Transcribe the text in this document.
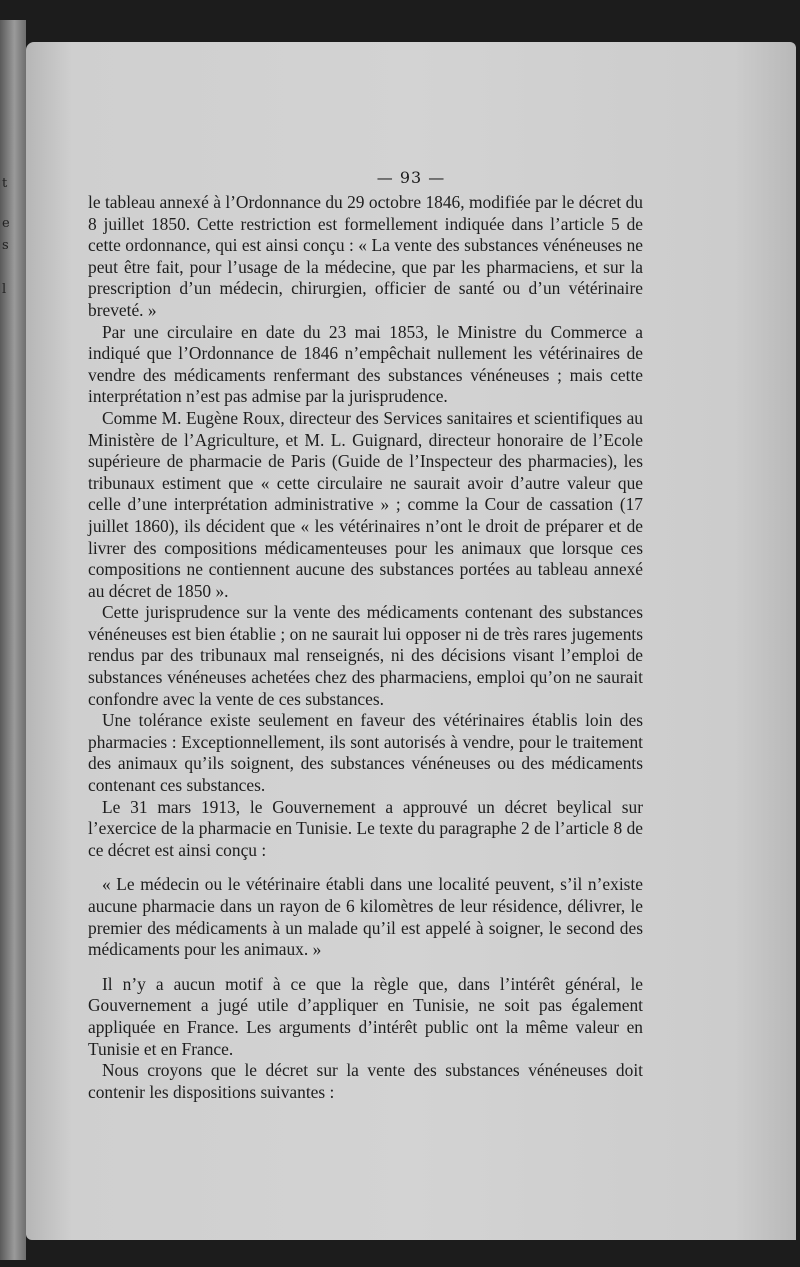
t
e
s
l
— 93 —

le tableau annexé à l’Ordonnance du 29 octobre 1846, modifiée par le décret du 8 juillet 1850. Cette restriction est formellement indiquée dans l’article 5 de cette ordonnance, qui est ainsi conçu : « La vente des substances vénéneuses ne peut être fait, pour l’usage de la médecine, que par les pharmaciens, et sur la prescription d’un médecin, chirurgien, officier de santé ou d’un vétérinaire breveté. »

Par une circulaire en date du 23 mai 1853, le Ministre du Commerce a indiqué que l’Ordonnance de 1846 n’empêchait nullement les vétérinaires de vendre des médicaments renfermant des substances vénéneuses ; mais cette interprétation n’est pas admise par la jurisprudence.

Comme M. Eugène Roux, directeur des Services sanitaires et scientifiques au Ministère de l’Agriculture, et M. L. Guignard, directeur honoraire de l’Ecole supérieure de pharmacie de Paris (Guide de l’Inspecteur des pharmacies), les tribunaux estiment que « cette circulaire ne saurait avoir d’autre valeur que celle d’une interprétation administrative » ; comme la Cour de cassation (17 juillet 1860), ils décident que « les vétérinaires n’ont le droit de préparer et de livrer des compositions médicamenteuses pour les animaux que lorsque ces compositions ne contiennent aucune des substances portées au tableau annexé au décret de 1850 ».

Cette jurisprudence sur la vente des médicaments contenant des substances vénéneuses est bien établie ; on ne saurait lui opposer ni de très rares jugements rendus par des tribunaux mal renseignés, ni des décisions visant l’emploi de substances vénéneuses achetées chez des pharmaciens, emploi qu’on ne saurait confondre avec la vente de ces substances.

Une tolérance existe seulement en faveur des vétérinaires établis loin des pharmacies : Exceptionnellement, ils sont autorisés à vendre, pour le traitement des animaux qu’ils soignent, des substances vénéneuses ou des médicaments contenant ces substances.

Le 31 mars 1913, le Gouvernement a approuvé un décret beylical sur l’exercice de la pharmacie en Tunisie. Le texte du paragraphe 2 de l’article 8 de ce décret est ainsi conçu :

« Le médecin ou le vétérinaire établi dans une localité peuvent, s’il n’existe aucune pharmacie dans un rayon de 6 kilomètres de leur résidence, délivrer, le premier des médicaments à un malade qu’il est appelé à soigner, le second des médicaments pour les animaux. »

Il n’y a aucun motif à ce que la règle que, dans l’intérêt général, le Gouvernement a jugé utile d’appliquer en Tunisie, ne soit pas également appliquée en France. Les arguments d’intérêt public ont la même valeur en Tunisie et en France.

Nous croyons que le décret sur la vente des substances vénéneuses doit contenir les dispositions suivantes :
